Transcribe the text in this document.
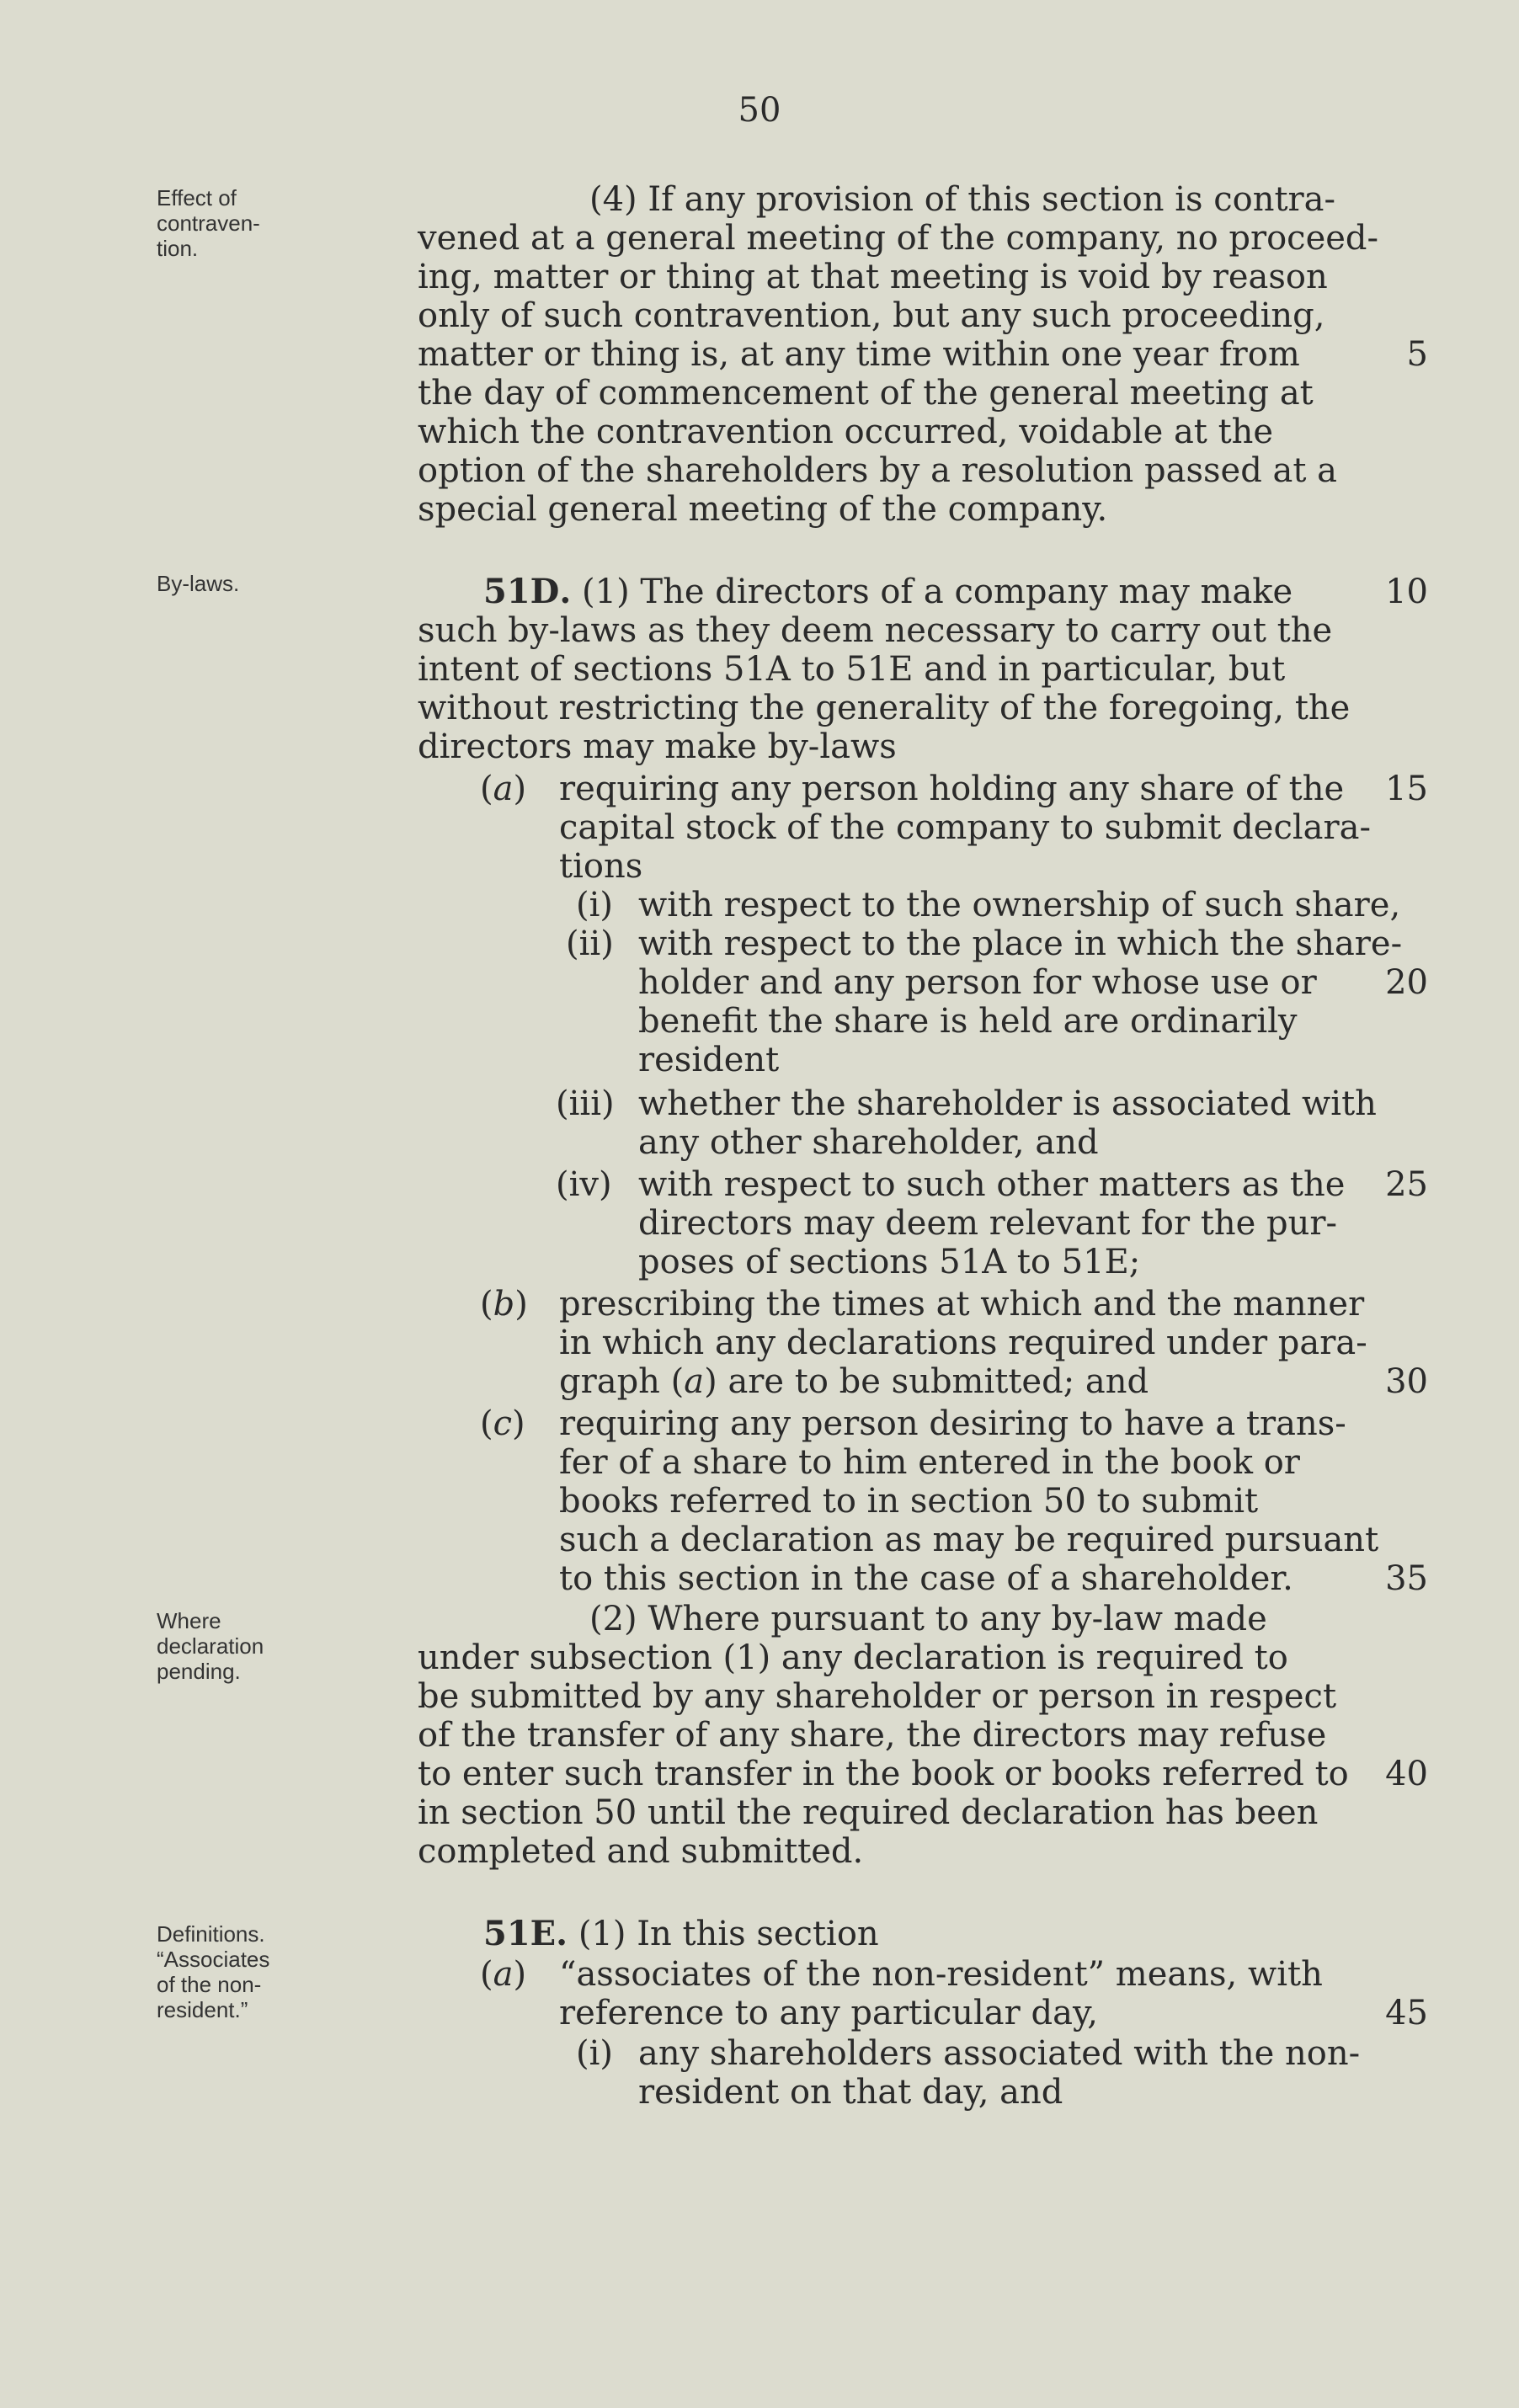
50
Effect of
contraven-
tion.
By-laws.
Where
declaration
pending.
Definitions.
“Associates
of the non-
resident.”
(4) If any provision of this section is contra-
vened at a general meeting of the company, no proceed-
ing, matter or thing at that meeting is void by reason
only of such contravention, but any such proceeding,
matter or thing is, at any time within one year from
the day of commencement of the general meeting at
which the contravention occurred, voidable at the
option of the shareholders by a resolution passed at a
special general meeting of the company.
51D. (1) The directors of a company may make
such by-laws as they deem necessary to carry out the
intent of sections 51A to 51E and in particular, but
without restricting the generality of the foregoing, the
directors may make by-laws
(a) requiring any person holding any share of the
capital stock of the company to submit declara-
tions
(i) with respect to the ownership of such share,
(ii) with respect to the place in which the share-
holder and any person for whose use or
benefit the share is held are ordinarily
resident
(iii) whether the shareholder is associated with
any other shareholder, and
(iv) with respect to such other matters as the
directors may deem relevant for the pur-
poses of sections 51A to 51E;
(b) prescribing the times at which and the manner
in which any declarations required under para-
graph (a) are to be submitted; and
(c) requiring any person desiring to have a trans-
fer of a share to him entered in the book or
books referred to in section 50 to submit
such a declaration as may be required pursuant
to this section in the case of a shareholder.
(2) Where pursuant to any by-law made
under subsection (1) any declaration is required to
be submitted by any shareholder or person in respect
of the transfer of any share, the directors may refuse
to enter such transfer in the book or books referred to
in section 50 until the required declaration has been
completed and submitted.
51E. (1) In this section
(a) “associates of the non-resident” means, with
reference to any particular day,
(i) any shareholders associated with the non-
resident on that day, and
5
10
15
20
25
30
35
40
45
